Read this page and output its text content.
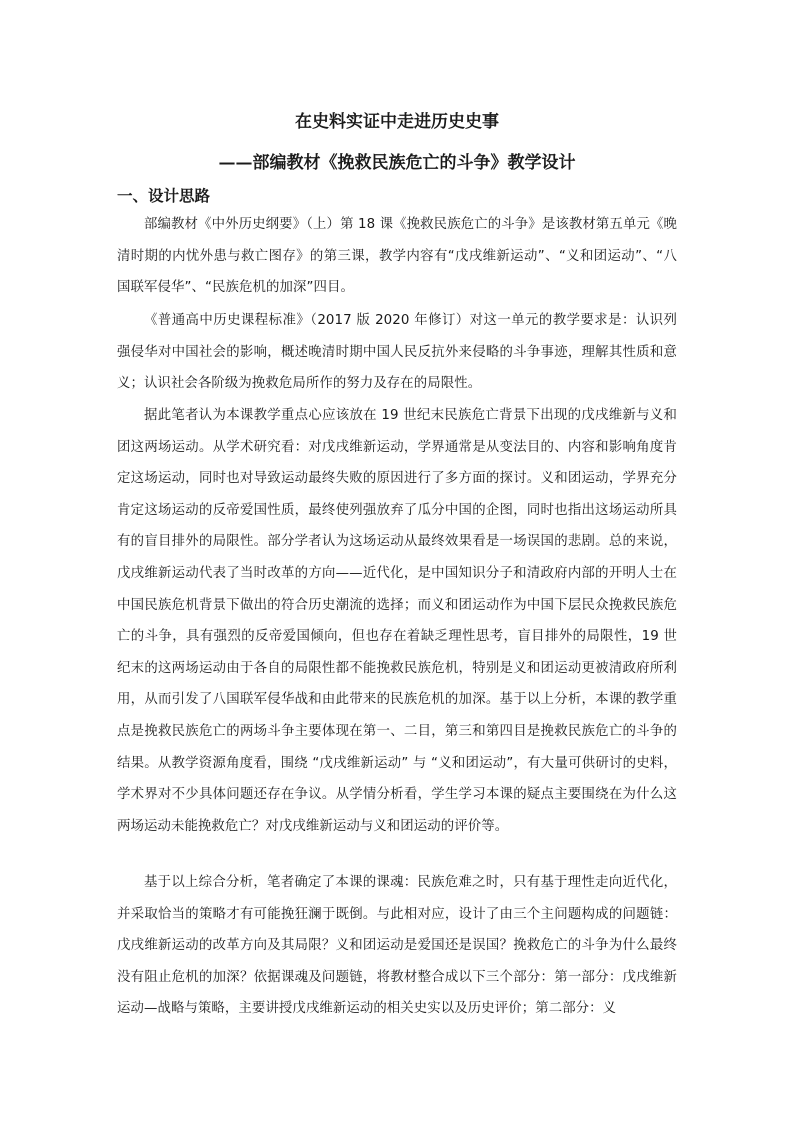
在史料实证中走进历史史事
——部编教材《挽救民族危亡的斗争》教学设计
一、设计思路

部编教材《中外历史纲要》（上）第 18 课《挽救民族危亡的斗争》是该教材第五单元《晚清时期的内忧外患与救亡图存》的第三课，教学内容有“戊戌维新运动”、“义和团运动”、“八国联军侵华”、“民族危机的加深”四目。

《普通高中历史课程标准》（2017 版 2020 年修订）对这一单元的教学要求是：认识列强侵华对中国社会的影响，概述晚清时期中国人民反抗外来侵略的斗争事迹，理解其性质和意义；认识社会各阶级为挽救危局所作的努力及存在的局限性。

据此笔者认为本课教学重点心应该放在 19 世纪末民族危亡背景下出现的戊戌维新与义和团这两场运动。从学术研究看：对戊戌维新运动，学界通常是从变法目的、内容和影响角度肯定这场运动，同时也对导致运动最终失败的原因进行了多方面的探讨。义和团运动，学界充分肯定这场运动的反帝爱国性质，最终使列强放弃了瓜分中国的企图，同时也指出这场运动所具有的盲目排外的局限性。部分学者认为这场运动从最终效果看是一场误国的悲剧。总的来说，戊戌维新运动代表了当时改革的方向——近代化，是中国知识分子和清政府内部的开明人士在中国民族危机背景下做出的符合历史潮流的选择；而义和团运动作为中国下层民众挽救民族危亡的斗争，具有强烈的反帝爱国倾向，但也存在着缺乏理性思考，盲目排外的局限性，19 世纪末的这两场运动由于各自的局限性都不能挽救民族危机，特别是义和团运动更被清政府所利用，从而引发了八国联军侵华战和由此带来的民族危机的加深。基于以上分析，本课的教学重点是挽救民族危亡的两场斗争主要体现在第一、二目，第三和第四目是挽救民族危亡的斗争的结果。从教学资源角度看，围绕 “戊戌维新运动” 与 “义和团运动”，有大量可供研讨的史料，学术界对不少具体问题还存在争议。从学情分析看，学生学习本课的疑点主要围绕在为什么这两场运动未能挽救危亡？对戊戌维新运动与义和团运动的评价等。

基于以上综合分析，笔者确定了本课的课魂：民族危难之时，只有基于理性走向近代化，并采取恰当的策略才有可能挽狂澜于既倒。与此相对应，设计了由三个主问题构成的问题链：戊戌维新运动的改革方向及其局限？义和团运动是爱国还是误国？挽救危亡的斗争为什么最终没有阻止危机的加深？依据课魂及问题链，将教材整合成以下三个部分：第一部分：戊戌维新运动—战略与策略，主要讲授戊戌维新运动的相关史实以及历史评价；第二部分：义
